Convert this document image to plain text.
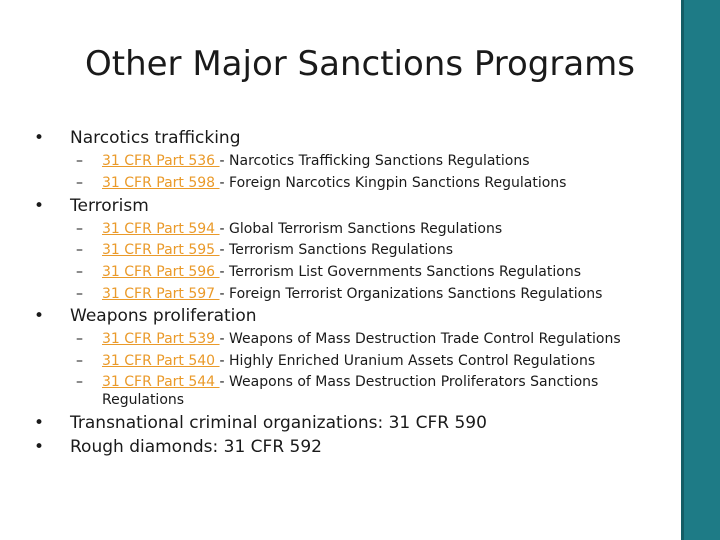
Other Major Sanctions Programs
• Narcotics trafficking
– 31 CFR Part 536 - Narcotics Trafficking Sanctions Regulations
– 31 CFR Part 598 - Foreign Narcotics Kingpin Sanctions Regulations
• Terrorism
– 31 CFR Part 594 - Global Terrorism Sanctions Regulations
– 31 CFR Part 595 - Terrorism Sanctions Regulations
– 31 CFR Part 596 - Terrorism List Governments Sanctions Regulations
– 31 CFR Part 597 - Foreign Terrorist Organizations Sanctions Regulations
• Weapons proliferation
– 31 CFR Part 539 - Weapons of Mass Destruction Trade Control Regulations
– 31 CFR Part 540 - Highly Enriched Uranium Assets Control Regulations
– 31 CFR Part 544 - Weapons of Mass Destruction Proliferators Sanctions
Regulations
• Transnational criminal organizations: 31 CFR 590
• Rough diamonds: 31 CFR 592
